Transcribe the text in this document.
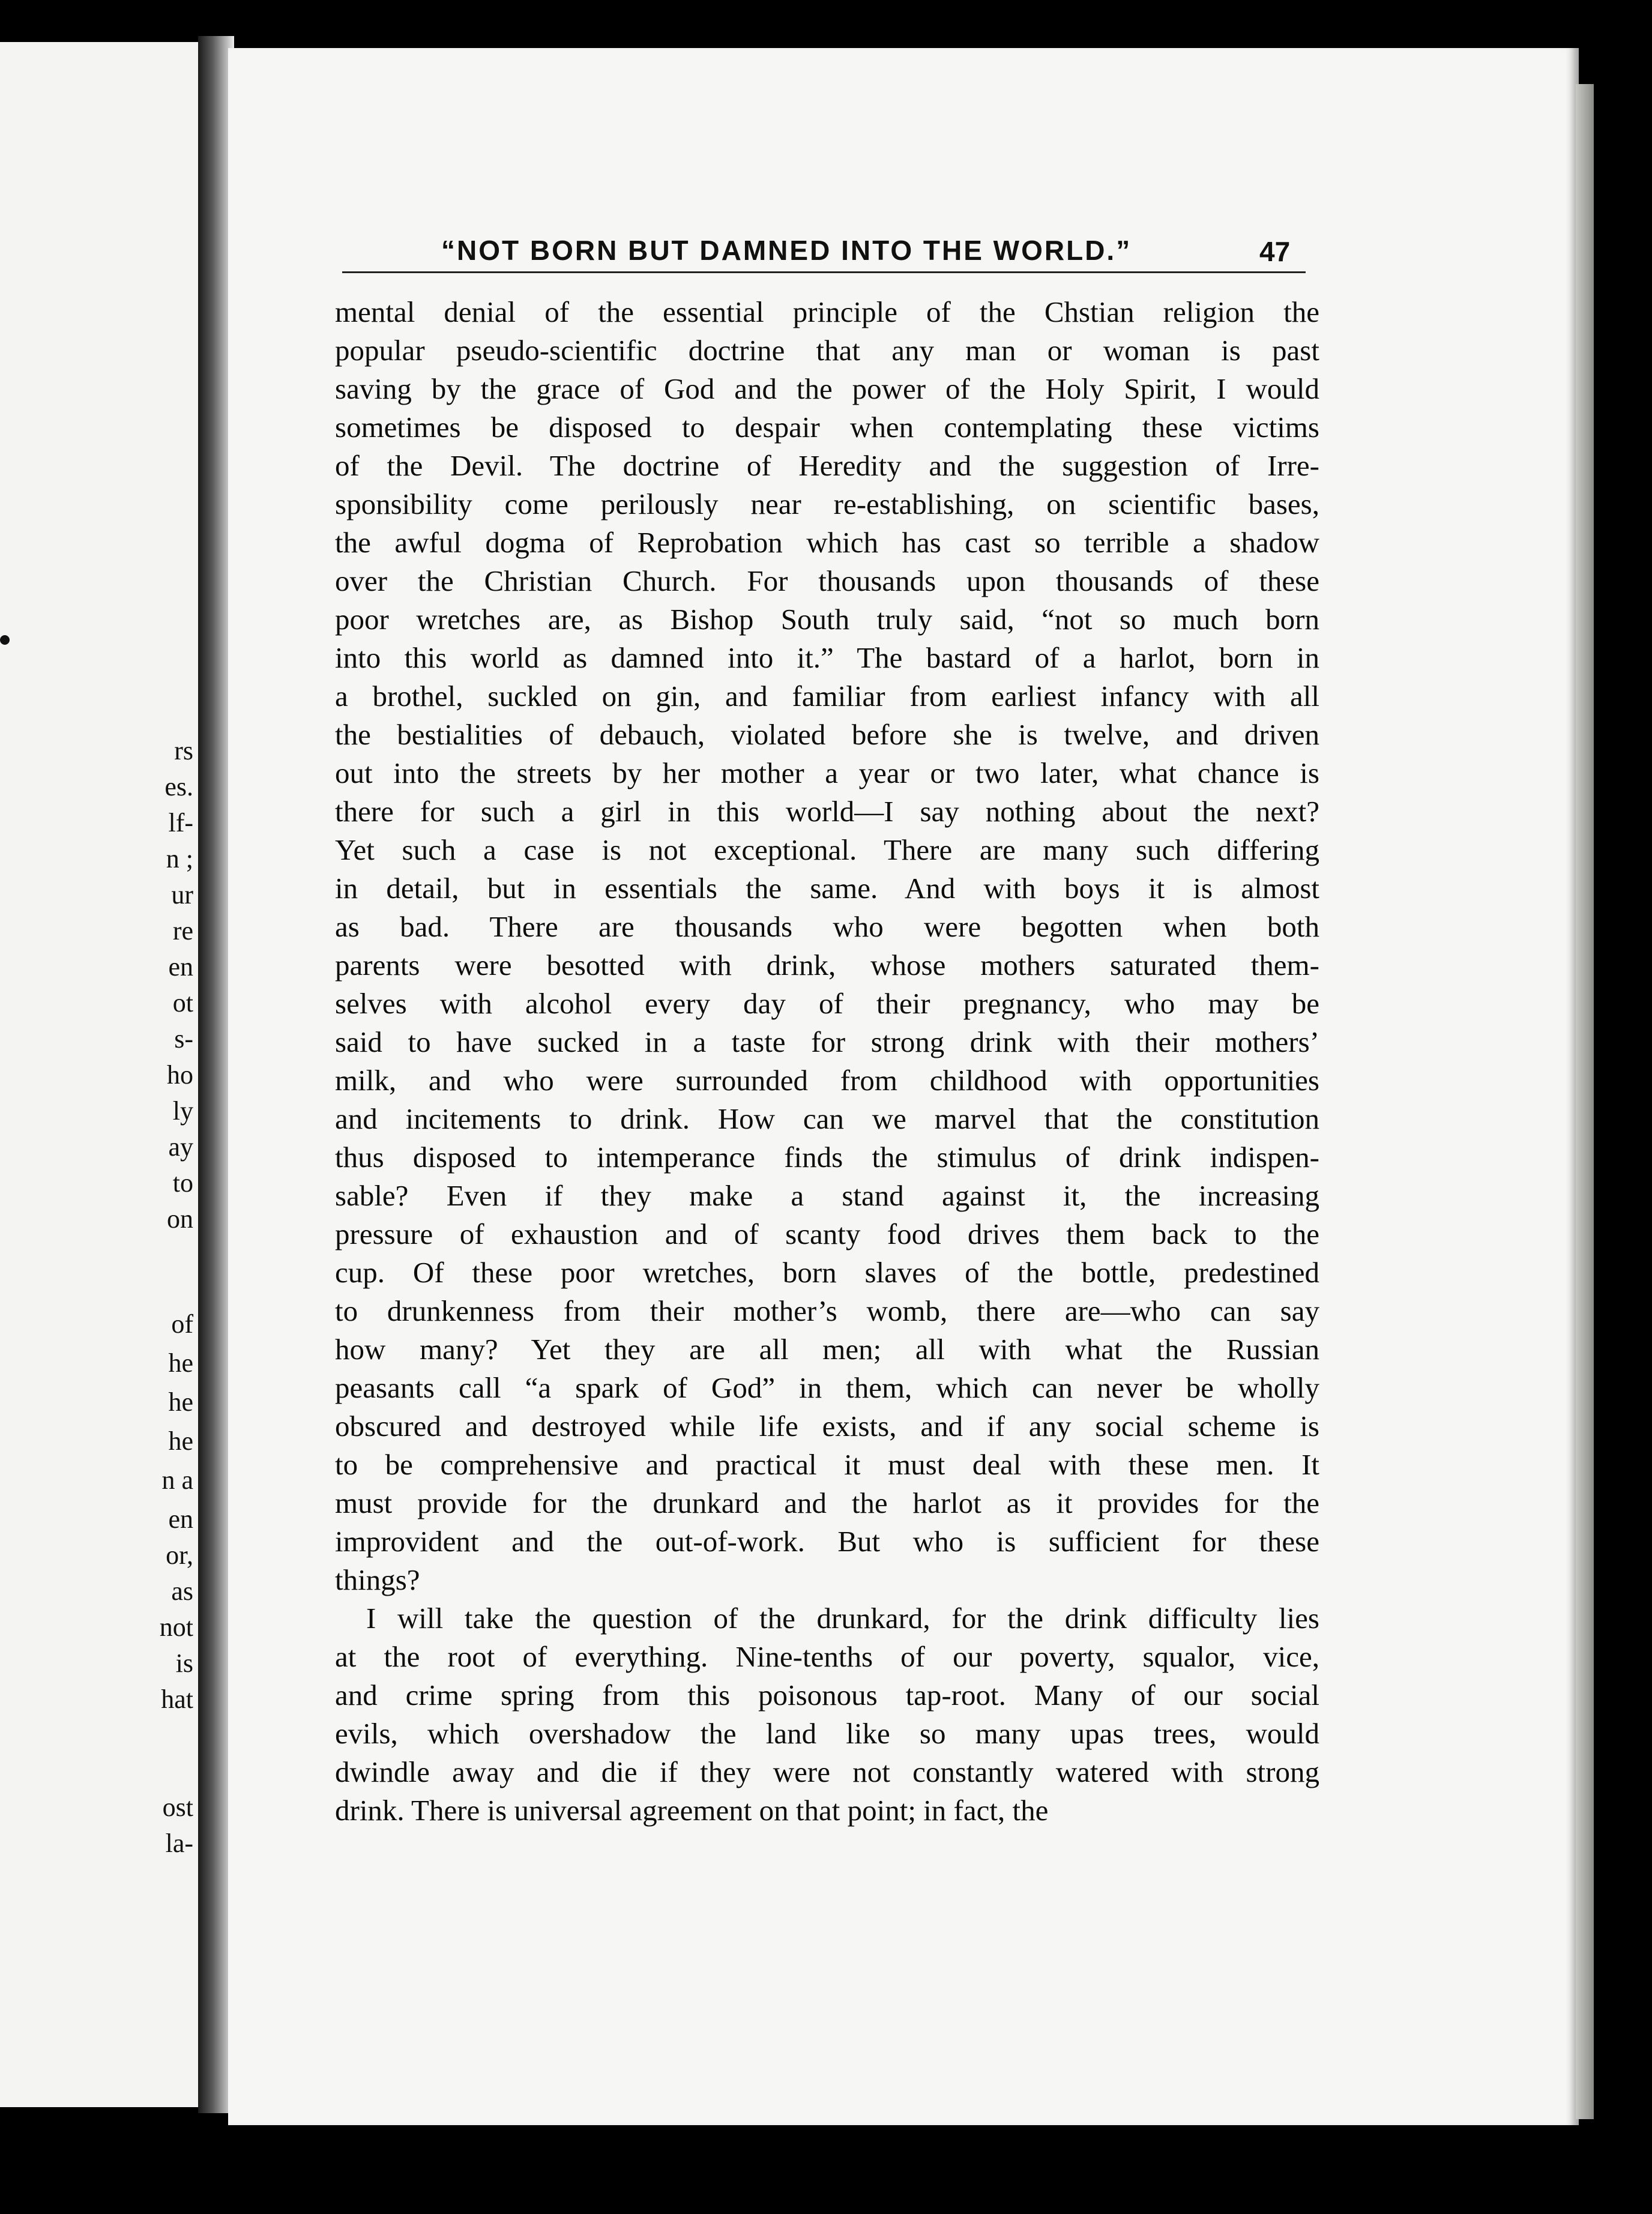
rs
es.
lf-
n ;
ur
re
en
ot
s-
ho
ly
ay
to
on
of
he
he
he
n a
en
or,
as
not
is
hat
ost
la-
“NOT BORN BUT DAMNED INTO THE WORLD.”	47
mental denial of the essential principle of the Chstian religion the
popular pseudo-scientific doctrine that any man or woman is past
saving by the grace of God and the power of the Holy Spirit, I would
sometimes be disposed to despair when contemplating these victims
of the Devil. The doctrine of Heredity and the suggestion of Irre-
sponsibility come perilously near re-establishing, on scientific bases,
the awful dogma of Reprobation which has cast so terrible a shadow
over the Christian Church. For thousands upon thousands of these
poor wretches are, as Bishop South truly said, “not so much born
into this world as damned into it.” The bastard of a harlot, born in
a brothel, suckled on gin, and familiar from earliest infancy with all
the bestialities of debauch, violated before she is twelve, and driven
out into the streets by her mother a year or two later, what chance is
there for such a girl in this world—I say nothing about the next?
Yet such a case is not exceptional. There are many such differing
in detail, but in essentials the same. And with boys it is almost
as bad. There are thousands who were begotten when both
parents were besotted with drink, whose mothers saturated them-
selves with alcohol every day of their pregnancy, who may be
said to have sucked in a taste for strong drink with their mothers’
milk, and who were surrounded from childhood with opportunities
and incitements to drink. How can we marvel that the constitution
thus disposed to intemperance finds the stimulus of drink indispen-
sable? Even if they make a stand against it, the increasing
pressure of exhaustion and of scanty food drives them back to the
cup. Of these poor wretches, born slaves of the bottle, predestined
to drunkenness from their mother’s womb, there are—who can say
how many? Yet they are all men; all with what the Russian
peasants call “a spark of God” in them, which can never be wholly
obscured and destroyed while life exists, and if any social scheme is
to be comprehensive and practical it must deal with these men. It
must provide for the drunkard and the harlot as it provides for the
improvident and the out-of-work. But who is sufficient for these
things?
I will take the question of the drunkard, for the drink difficulty lies
at the root of everything. Nine-tenths of our poverty, squalor, vice,
and crime spring from this poisonous tap-root. Many of our social
evils, which overshadow the land like so many upas trees, would
dwindle away and die if they were not constantly watered with strong
drink. There is universal agreement on that point; in fact, the
